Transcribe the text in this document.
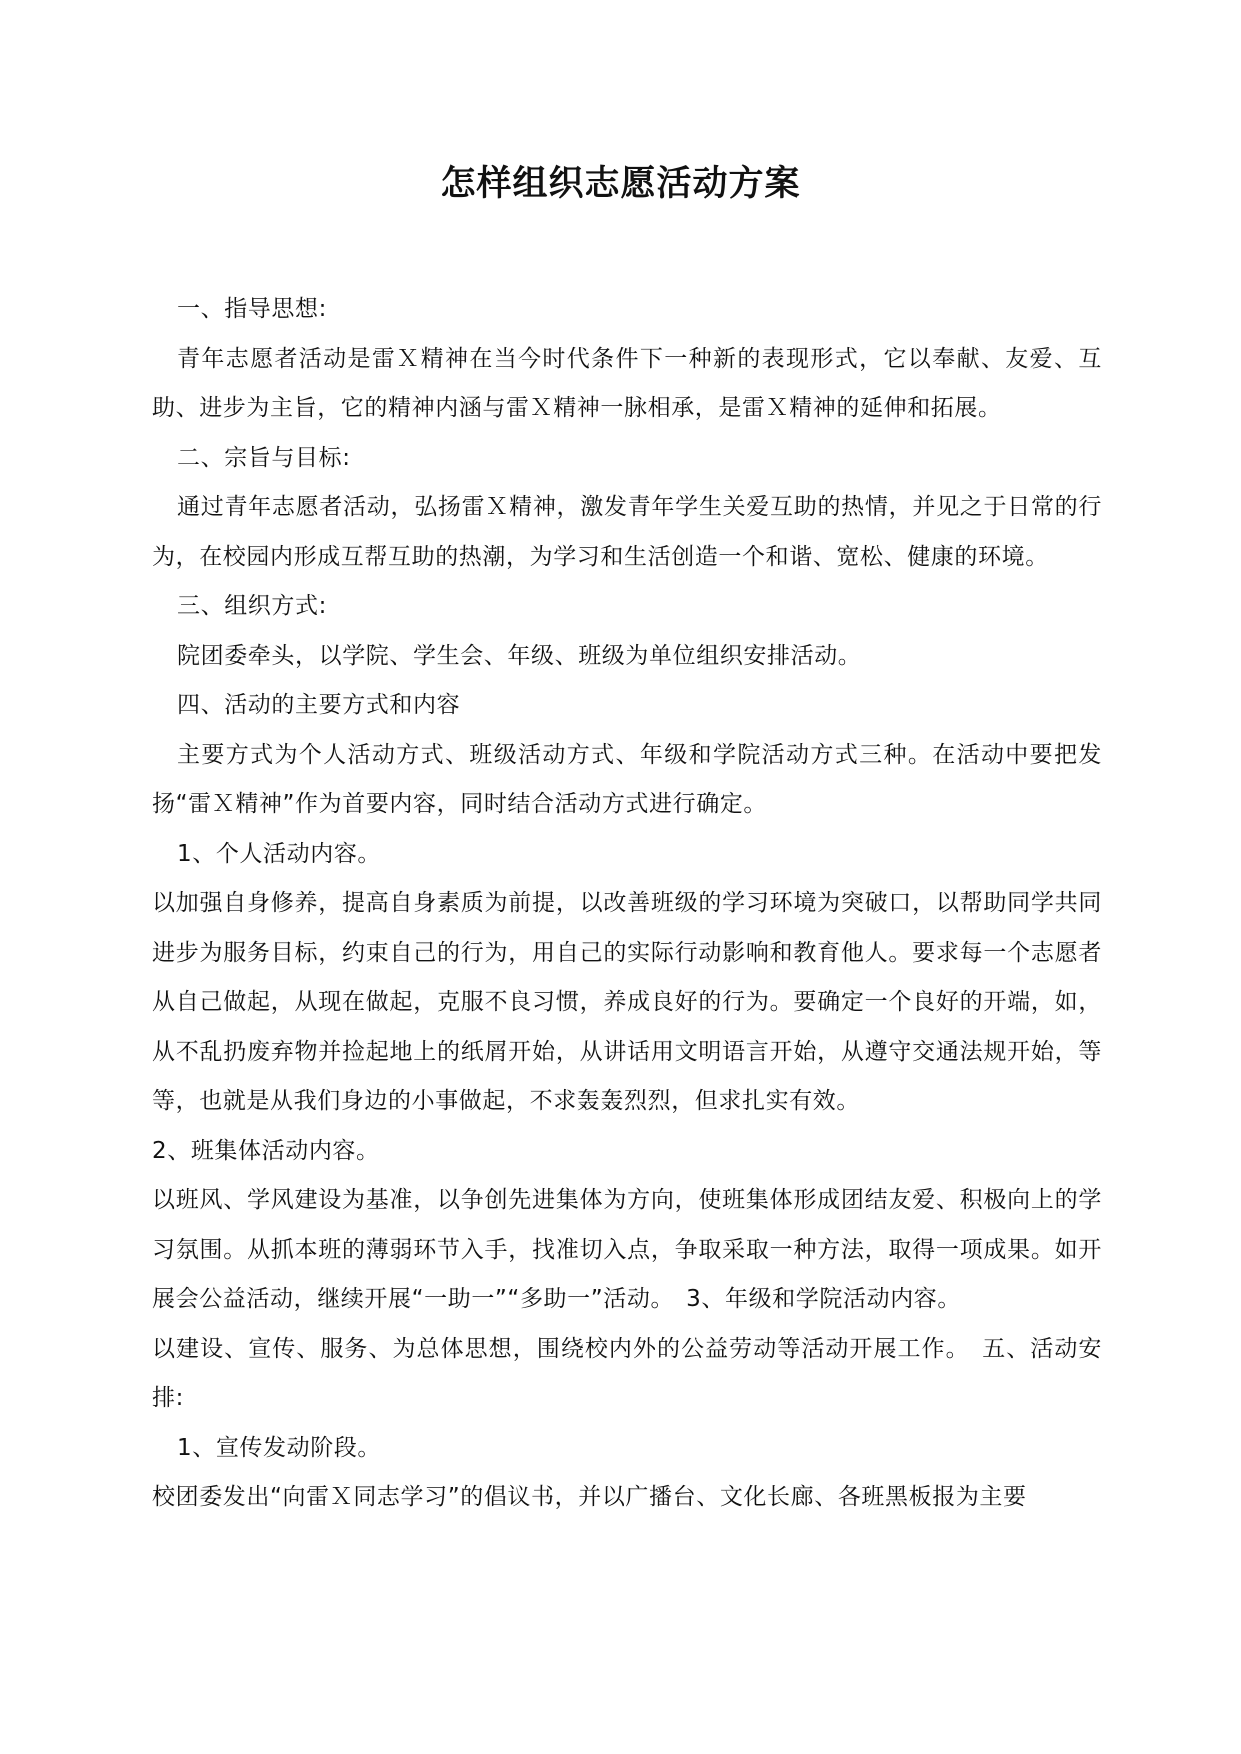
怎样组织志愿活动方案

一、指导思想:

青年志愿者活动是雷Ｘ精神在当今时代条件下一种新的表现形式，它以奉献、友爱、互助、进步为主旨，它的精神内涵与雷Ｘ精神一脉相承，是雷Ｘ精神的延伸和拓展。

二、宗旨与目标:

通过青年志愿者活动，弘扬雷Ｘ精神，激发青年学生关爱互助的热情，并见之于日常的行为，在校园内形成互帮互助的热潮，为学习和生活创造一个和谐、宽松、健康的环境。

三、组织方式:

院团委牵头，以学院、学生会、年级、班级为单位组织安排活动。

四、活动的主要方式和内容

主要方式为个人活动方式、班级活动方式、年级和学院活动方式三种。在活动中要把发扬“雷Ｘ精神”作为首要内容，同时结合活动方式进行确定。

1、个人活动内容。

以加强自身修养，提高自身素质为前提，以改善班级的学习环境为突破口，以帮助同学共同进步为服务目标，约束自己的行为，用自己的实际行动影响和教育他人。要求每一个志愿者从自己做起，从现在做起，克服不良习惯，养成良好的行为。要确定一个良好的开端，如，从不乱扔废弃物并捡起地上的纸屑开始，从讲话用文明语言开始，从遵守交通法规开始，等等，也就是从我们身边的小事做起，不求轰轰烈烈，但求扎实有效。

2、班集体活动内容。

以班风、学风建设为基准，以争创先进集体为方向，使班集体形成团结友爱、积极向上的学习氛围。从抓本班的薄弱环节入手，找准切入点，争取采取一种方法，取得一项成果。如开展会公益活动，继续开展“一助一”“多助一”活动。　3、年级和学院活动内容。

以建设、宣传、服务、为总体思想，围绕校内外的公益劳动等活动开展工作。　五、活动安排:

1、宣传发动阶段。

校团委发出“向雷Ｘ同志学习”的倡议书，并以广播台、文化长廊、各班黑板报为主要
